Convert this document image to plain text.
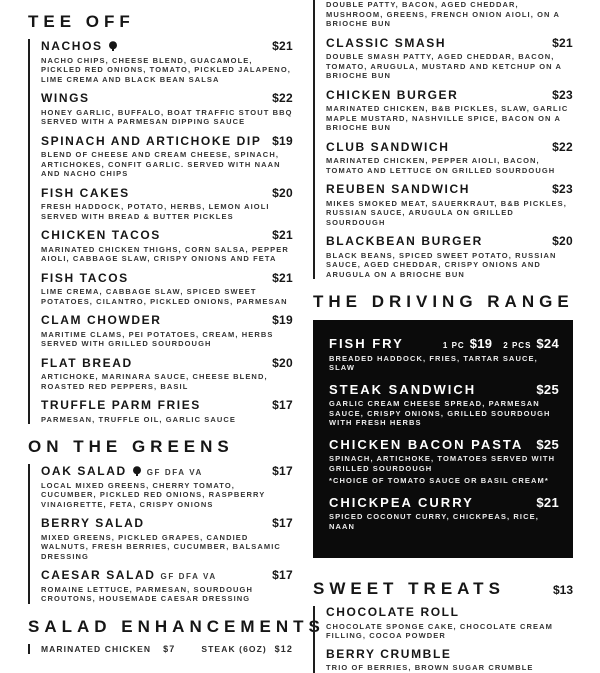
TEE OFF
NACHOS	$21
NACHO CHIPS, CHEESE BLEND, GUACAMOLE, PICKLED RED ONIONS, TOMATO, PICKLED JALAPENO, LIME CREMA AND BLACK BEAN SALSA
WINGS	$22
HONEY GARLIC, BUFFALO, BOAT TRAFFIC STOUT BBQ SERVED WITH A PARMESAN DIPPING SAUCE
SPINACH AND ARTICHOKE DIP $19
BLEND OF CHEESE AND CREAM CHEESE, SPINACH, ARTICHOKES, CONFIT GARLIC. SERVED WITH NAAN AND NACHO CHIPS
FISH CAKES	$20
FRESH HADDOCK, POTATO, HERBS, LEMON AIOLI SERVED WITH BREAD & BUTTER PICKLES
CHICKEN TACOS	$21
MARINATED CHICKEN THIGHS, CORN SALSA, PEPPER AIOLI, CABBAGE SLAW, CRISPY ONIONS AND FETA
FISH TACOS	$21
LIME CREMA, CABBAGE SLAW, SPICED SWEET POTATOES, CILANTRO, PICKLED ONIONS, PARMESAN
CLAM CHOWDER	$19
MARITIME CLAMS, PEI POTATOES, CREAM, HERBS SERVED WITH GRILLED SOURDOUGH
FLAT BREAD	$20
ARTICHOKE, MARINARA SAUCE, CHEESE BLEND, ROASTED RED PEPPERS, BASIL
TRUFFLE PARM FRIES	$17
PARMESAN, TRUFFLE OIL, GARLIC SAUCE
ON THE GREENS
OAK SALAD	GF DFA VA	$17
LOCAL MIXED GREENS, CHERRY TOMATO, CUCUMBER, PICKLED RED ONIONS, RASPBERRY VINAIGRETTE, FETA, CRISPY ONIONS
BERRY SALAD	$17
MIXED GREENS, PICKLED GRAPES, CANDIED WALNUTS, FRESH BERRIES, CUCUMBER, BALSAMIC DRESSING
CAESAR SALAD GF DFA VA	$17
ROMAINE LETTUCE, PARMESAN, SOURDOUGH CROUTONS, HOUSEMADE CAESAR DRESSING
SALAD ENHANCEMENTS
MARINATED CHICKEN $7	STEAK (6OZ) $12
DOUBLE PATTY, BACON, AGED CHEDDAR, MUSHROOM, GREENS, FRENCH ONION AIOLI, ON A BRIOCHE BUN
CLASSIC SMASH	$21
DOUBLE SMASH PATTY, AGED CHEDDAR, BACON, TOMATO, ARUGULA, MUSTARD AND KETCHUP ON A BRIOCHE BUN
CHICKEN BURGER	$23
MARINATED CHICKEN, B&B PICKLES, SLAW, GARLIC MAPLE MUSTARD, NASHVILLE SPICE, BACON ON A BRIOCHE BUN
CLUB SANDWICH	$22
MARINATED CHICKEN, PEPPER AIOLI, BACON, TOMATO AND LETTUCE ON GRILLED SOURDOUGH
REUBEN SANDWICH	$23
MIKES SMOKED MEAT, SAUERKRAUT, B&B PICKLES, RUSSIAN SAUCE, ARUGULA ON GRILLED SOURDOUGH
BLACKBEAN BURGER	$20
BLACK BEANS, SPICED SWEET POTATO, RUSSIAN SAUCE, AGED CHEDDAR, CRISPY ONIONS AND ARUGULA ON A BRIOCHE BUN
THE DRIVING RANGE
FISH FRY	1 PC $19 2 PCS $24
BREADED HADDOCK, FRIES, TARTAR SAUCE, SLAW
STEAK SANDWICH	$25
GARLIC CREAM CHEESE SPREAD, PARMESAN SAUCE, CRISPY ONIONS, GRILLED SOURDOUGH WITH FRESH HERBS
CHICKEN BACON PASTA $25
SPINACH, ARTICHOKE, TOMATOES SERVED WITH GRILLED SOURDOUGH
*CHOICE OF TOMATO SAUCE OR BASIL CREAM*
CHICKPEA CURRY	$21
SPICED COCONUT CURRY, CHICKPEAS, RICE, NAAN
SWEET TREATS	$13
CHOCOLATE ROLL
CHOCOLATE SPONGE CAKE, CHOCOLATE CREAM FILLING, COCOA POWDER
BERRY CRUMBLE
TRIO OF BERRIES, BROWN SUGAR CRUMBLE
